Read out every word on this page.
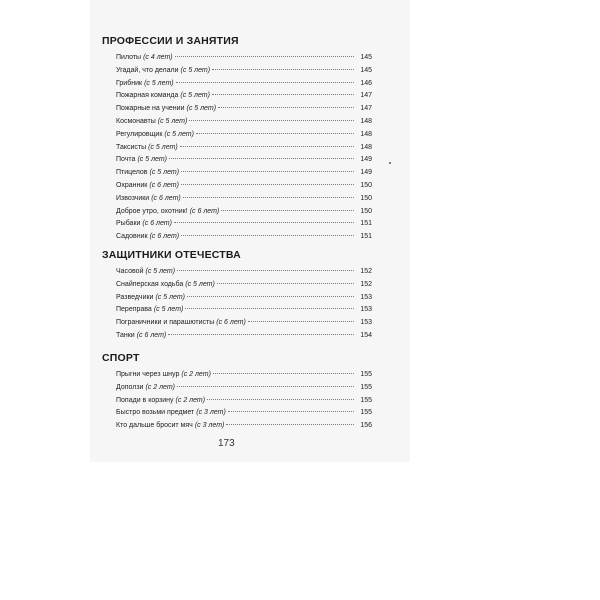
ПРОФЕССИИ И ЗАНЯТИЯ
Пилоты (с 4 лет)	145
Угадай, что делали (с 5 лет)	145
Грибник (с 5 лет)	146
Пожарная команда (с 5 лет)	147
Пожарные на учении (с 5 лет)	147
Космонавты (с 5 лет)	148
Регулировщик (с 5 лет)	148
Таксисты (с 5 лет)	148
Почта (с 5 лет)	149
Птицелов (с 5 лет)	149
Охранник (с 6 лет)	150
Извозчики (с 6 лет)	150
Доброе утро, охотник! (с 6 лет)	150
Рыбаки (с 6 лет)	151
Садовник (с 6 лет)	151
ЗАЩИТНИКИ ОТЕЧЕСТВА
Часовой (с 5 лет)	152
Снайперская ходьба (с 5 лет)	152
Разведчики (с 5 лет)	153
Переправа (с 5 лет)	153
Пограничники и парашютисты (с 6 лет)	153
Танки (с 6 лет)	154
СПОРТ
Прыгни через шнур (с 2 лет)	155
Доползи (с 2 лет)	155
Попади в корзину (с 2 лет)	155
Быстро возьми предмет (с 3 лет)	155
Кто дальше бросит мяч (с 3 лет)	156
173
